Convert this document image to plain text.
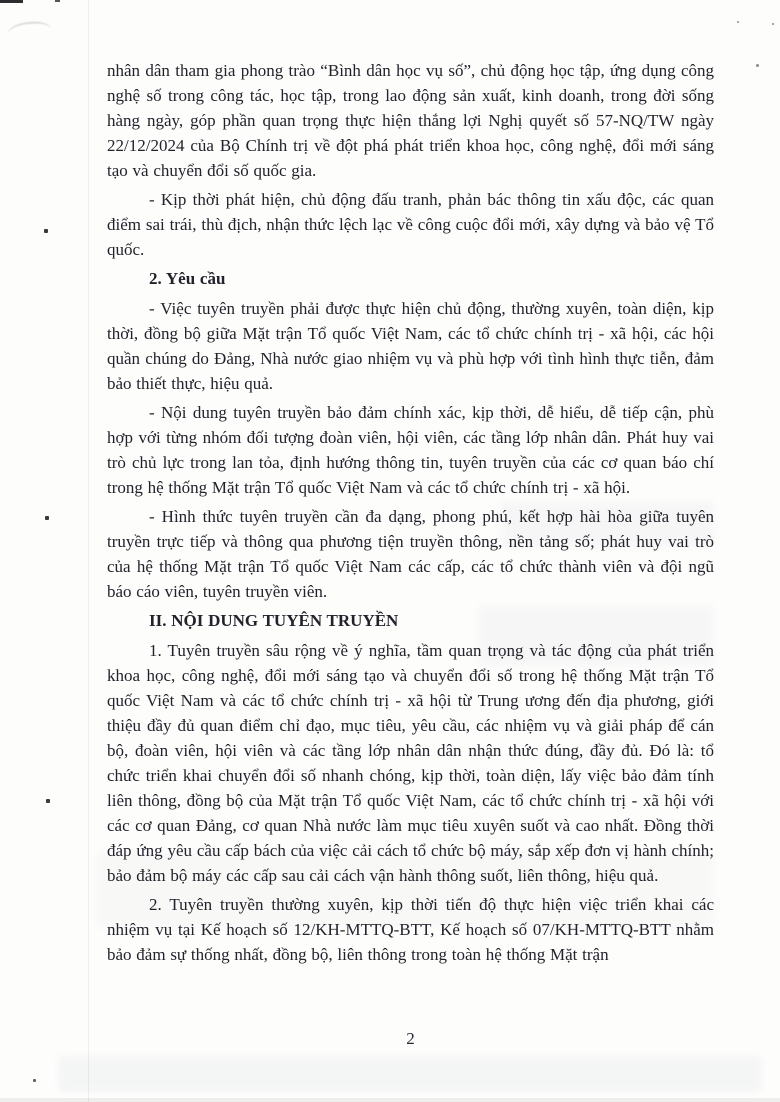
nhân dân tham gia phong trào “Bình dân học vụ số”, chủ động học tập, ứng dụng công nghệ số trong công tác, học tập, trong lao động sản xuất, kinh doanh, trong đời sống hàng ngày, góp phần quan trọng thực hiện thắng lợi Nghị quyết số 57-NQ/TW ngày 22/12/2024 của Bộ Chính trị về đột phá phát triển khoa học, công nghệ, đổi mới sáng tạo và chuyển đổi số quốc gia.

- Kịp thời phát hiện, chủ động đấu tranh, phản bác thông tin xấu độc, các quan điểm sai trái, thù địch, nhận thức lệch lạc về công cuộc đổi mới, xây dựng và bảo vệ Tổ quốc.

2. Yêu cầu

- Việc tuyên truyền phải được thực hiện chủ động, thường xuyên, toàn diện, kịp thời, đồng bộ giữa Mặt trận Tổ quốc Việt Nam, các tổ chức chính trị - xã hội, các hội quần chúng do Đảng, Nhà nước giao nhiệm vụ và phù hợp với tình hình thực tiễn, đảm bảo thiết thực, hiệu quả.

- Nội dung tuyên truyền bảo đảm chính xác, kịp thời, dễ hiểu, dễ tiếp cận, phù hợp với từng nhóm đối tượng đoàn viên, hội viên, các tầng lớp nhân dân. Phát huy vai trò chủ lực trong lan tỏa, định hướng thông tin, tuyên truyền của các cơ quan báo chí trong hệ thống Mặt trận Tổ quốc Việt Nam và các tổ chức chính trị - xã hội.

- Hình thức tuyên truyền cần đa dạng, phong phú, kết hợp hài hòa giữa tuyên truyền trực tiếp và thông qua phương tiện truyền thông, nền tảng số; phát huy vai trò của hệ thống Mặt trận Tổ quốc Việt Nam các cấp, các tổ chức thành viên và đội ngũ báo cáo viên, tuyên truyền viên.

II. NỘI DUNG TUYÊN TRUYỀN

1. Tuyên truyền sâu rộng về ý nghĩa, tầm quan trọng và tác động của phát triển khoa học, công nghệ, đổi mới sáng tạo và chuyển đổi số trong hệ thống Mặt trận Tổ quốc Việt Nam và các tổ chức chính trị - xã hội từ Trung ương đến địa phương, giới thiệu đầy đủ quan điểm chỉ đạo, mục tiêu, yêu cầu, các nhiệm vụ và giải pháp để cán bộ, đoàn viên, hội viên và các tầng lớp nhân dân nhận thức đúng, đầy đủ. Đó là: tổ chức triển khai chuyển đổi số nhanh chóng, kịp thời, toàn diện, lấy việc bảo đảm tính liên thông, đồng bộ của Mặt trận Tổ quốc Việt Nam, các tổ chức chính trị - xã hội với các cơ quan Đảng, cơ quan Nhà nước làm mục tiêu xuyên suốt và cao nhất. Đồng thời đáp ứng yêu cầu cấp bách của việc cải cách tổ chức bộ máy, sắp xếp đơn vị hành chính; bảo đảm bộ máy các cấp sau cải cách vận hành thông suốt, liên thông, hiệu quả.

2. Tuyên truyền thường xuyên, kịp thời tiến độ thực hiện việc triển khai các nhiệm vụ tại Kế hoạch số 12/KH-MTTQ-BTT, Kế hoạch số 07/KH-MTTQ-BTT nhằm bảo đảm sự thống nhất, đồng bộ, liên thông trong toàn hệ thống Mặt trận

2
